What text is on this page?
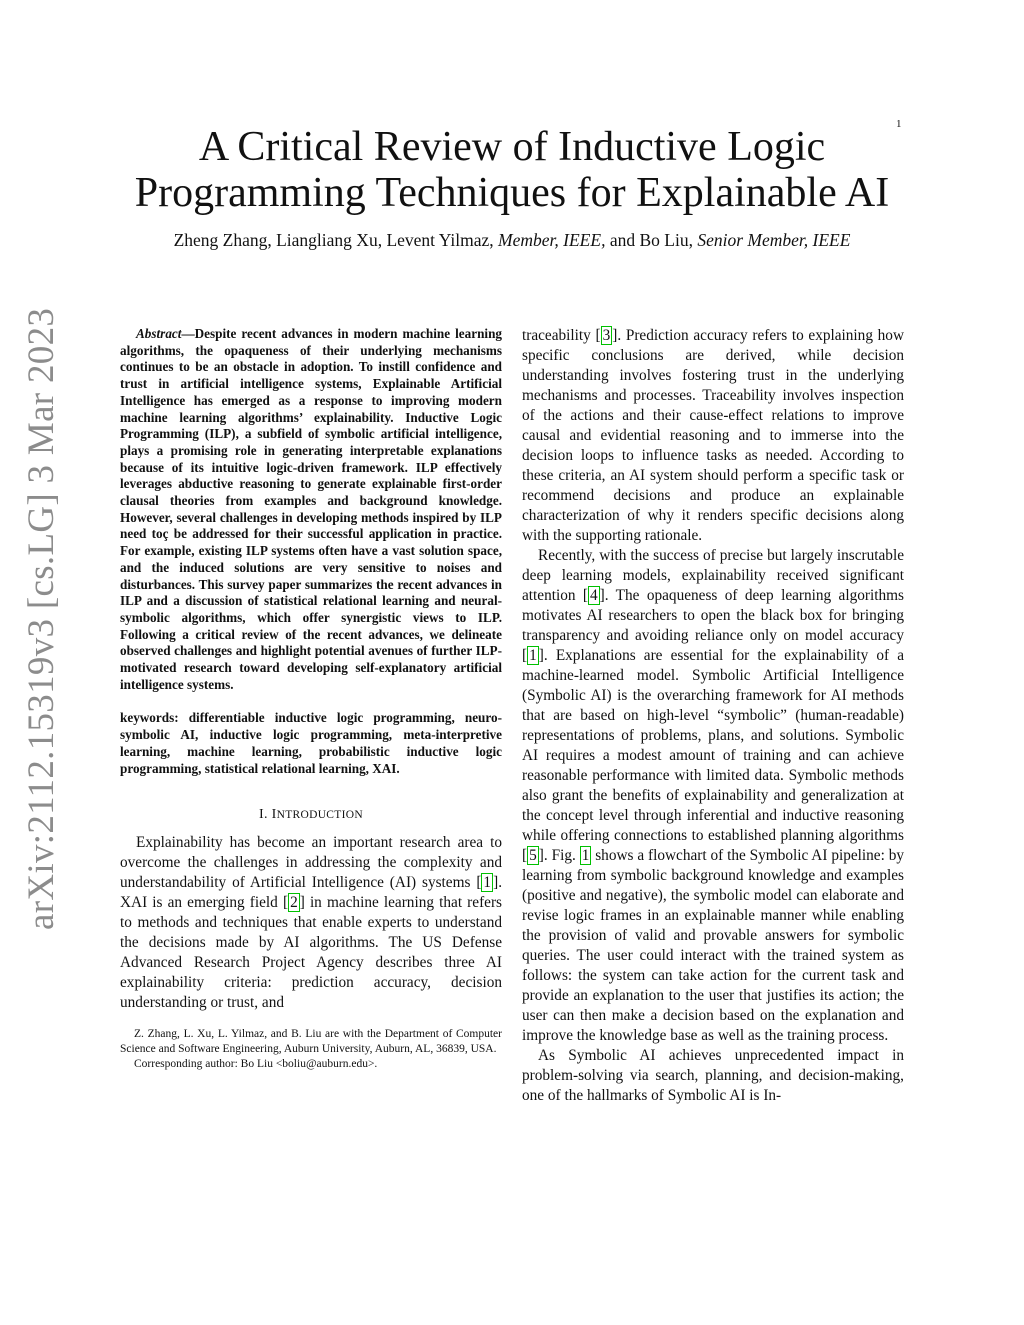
1
arXiv:2112.15319v3 [cs.LG] 3 Mar 2023
A Critical Review of Inductive Logic
Programming Techniques for Explainable AI
Zheng Zhang, Liangliang Xu, Levent Yilmaz, Member, IEEE, and Bo Liu, Senior Member, IEEE

Abstract—Despite recent advances in modern machine learning algorithms, the opaqueness of their underlying mechanisms continues to be an obstacle in adoption. To instill confidence and trust in artificial intelligence systems, Explainable Artificial Intelligence has emerged as a response to improving modern machine learning algorithms’ explainability. Inductive Logic Programming (ILP), a subfield of symbolic artificial intelligence, plays a promising role in generating interpretable explanations because of its intuitive logic-driven framework. ILP effectively leverages abductive reasoning to generate explainable first-order clausal theories from examples and background knowledge. However, several challenges in developing methods inspired by ILP need toç be addressed for their successful application in practice. For example, existing ILP systems often have a vast solution space, and the induced solutions are very sensitive to noises and disturbances. This survey paper summarizes the recent advances in ILP and a discussion of statistical relational learning and neural-symbolic algorithms, which offer synergistic views to ILP. Following a critical review of the recent advances, we delineate observed challenges and highlight potential avenues of further ILP-motivated research toward developing self-explanatory artificial intelligence systems.

keywords: differentiable inductive logic programming, neuro-symbolic AI, inductive logic programming, meta-interpretive learning, machine learning, probabilistic inductive logic programming, statistical relational learning, XAI.

I. INTRODUCTION

Explainability has become an important research area to overcome the challenges in addressing the complexity and understandability of Artificial Intelligence (AI) systems [ 1 ]. XAI is an emerging field [ 2 ] in machine learning that refers to methods and techniques that enable experts to understand the decisions made by AI algorithms. The US Defense Advanced Research Project Agency describes three AI explainability criteria: prediction accuracy, decision understanding or trust, and

Z. Zhang, L. Xu, L. Yilmaz, and B. Liu are with the Department of Computer Science and Software Engineering, Auburn University, Auburn, AL, 36839, USA.

Corresponding author: Bo Liu <boliu@auburn.edu>.

traceability [ 3 ]. Prediction accuracy refers to explaining how specific conclusions are derived, while decision understanding involves fostering trust in the underlying mechanisms and processes. Traceability involves inspection of the actions and their cause-effect relations to improve causal and evidential reasoning and to immerse into the decision loops to influence tasks as needed. According to these criteria, an AI system should perform a specific task or recommend decisions and produce an explainable characterization of why it renders specific decisions along with the supporting rationale.

Recently, with the success of precise but largely inscrutable deep learning models, explainability received significant attention [ 4 ]. The opaqueness of deep learning algorithms motivates AI researchers to open the black box for bringing transparency and avoiding reliance only on model accuracy [ 1 ]. Explanations are essential for the explainability of a machine-learned model. Symbolic Artificial Intelligence (Symbolic AI) is the overarching framework for AI methods that are based on high-level “symbolic” (human-readable) representations of problems, plans, and solutions. Symbolic AI requires a modest amount of training and can achieve reasonable performance with limited data. Symbolic methods also grant the benefits of explainability and generalization at the concept level through inferential and inductive reasoning while offering connections to established planning algorithms [ 5 ]. Fig. 1 shows a flowchart of the Symbolic AI pipeline: by learning from symbolic background knowledge and examples (positive and negative), the symbolic model can elaborate and revise logic frames in an explainable manner while enabling the provision of valid and provable answers for symbolic queries. The user could interact with the trained system as follows: the system can take action for the current task and provide an explanation to the user that justifies its action; the user can then make a decision based on the explanation and improve the knowledge base as well as the training process.

As Symbolic AI achieves unprecedented impact in problem-solving via search, planning, and decision-making, one of the hallmarks of Symbolic AI is In-
